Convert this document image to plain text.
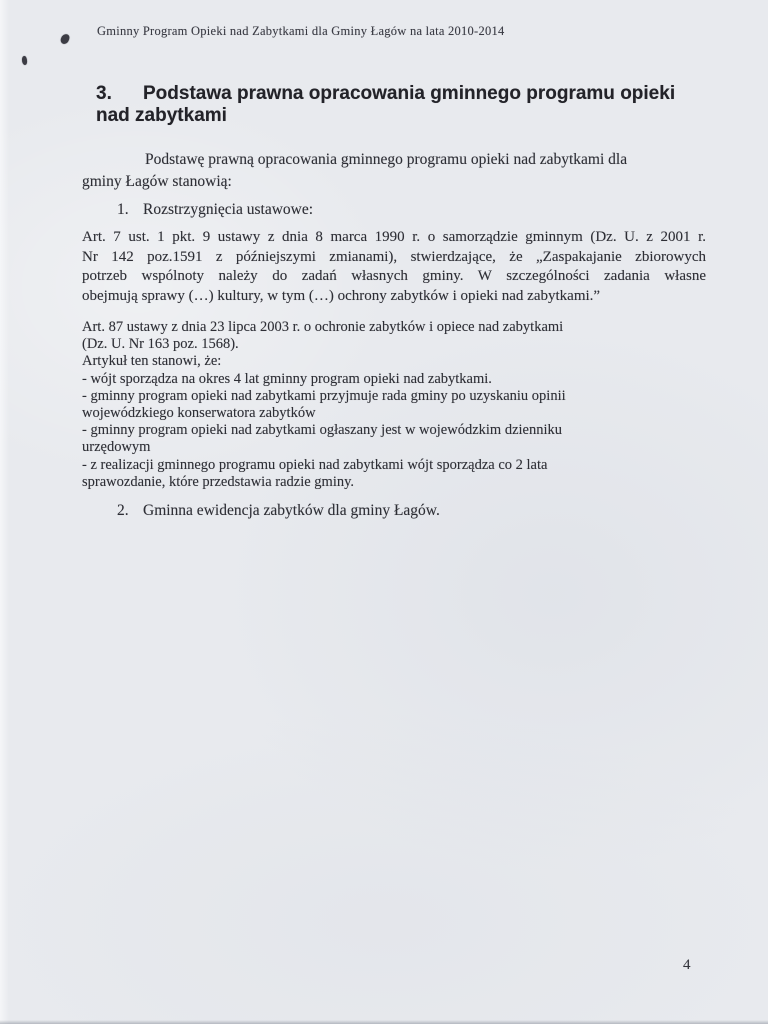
Gminny Program Opieki nad Zabytkami dla Gminy Łagów na lata 2010-2014
3. Podstawa prawna opracowania gminnego programu opieki nad zabytkami
Podstawę prawną opracowania gminnego programu opieki nad zabytkami dla
gminy Łagów stanowią:
1. Rozstrzygnięcia ustawowe:
Art. 7 ust. 1 pkt. 9 ustawy z dnia 8 marca 1990 r. o samorządzie gminnym (Dz. U. z 2001 r.
Nr 142 poz.1591 z późniejszymi zmianami), stwierdzające, że „Zaspakajanie zbiorowych
potrzeb wspólnoty należy do zadań własnych gminy. W szczególności zadania własne
obejmują sprawy (…) kultury, w tym (…) ochrony zabytków i opieki nad zabytkami.”
Art. 87 ustawy z dnia 23 lipca 2003 r. o ochronie zabytków i opiece nad zabytkami
(Dz. U. Nr 163 poz. 1568).
Artykuł ten stanowi, że:
- wójt sporządza na okres 4 lat gminny program opieki nad zabytkami.
- gminny program opieki nad zabytkami przyjmuje rada gminy po uzyskaniu opinii
wojewódzkiego konserwatora zabytków
- gminny program opieki nad zabytkami ogłaszany jest w wojewódzkim dzienniku
urzędowym
- z realizacji gminnego programu opieki nad zabytkami wójt sporządza co 2 lata
sprawozdanie, które przedstawia radzie gminy.
2. Gminna ewidencja zabytków dla gminy Łagów.
4
